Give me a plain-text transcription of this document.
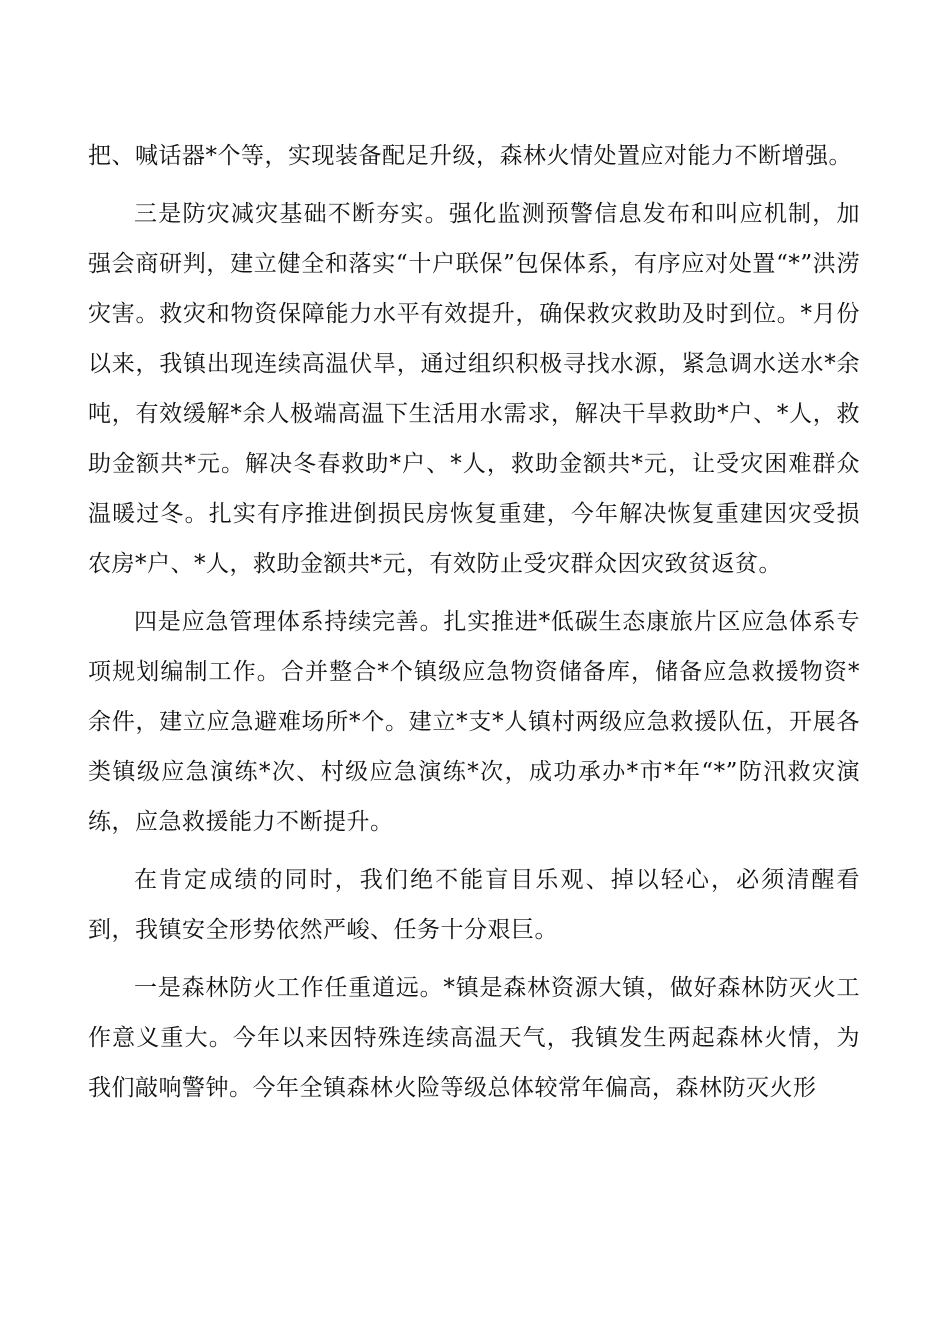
把、喊话器*个等，实现装备配足升级，森林火情处置应对能力不断增强。

三是防灾减灾基础不断夯实。强化监测预警信息发布和叫应机制，加强会商研判，建立健全和落实“十户联保”包保体系，有序应对处置“*”洪涝灾害。救灾和物资保障能力水平有效提升，确保救灾救助及时到位。*月份以来，我镇出现连续高温伏旱，通过组织积极寻找水源，紧急调水送水*余吨，有效缓解*余人极端高温下生活用水需求，解决干旱救助*户、*人，救助金额共*元。解决冬春救助*户、*人，救助金额共*元，让受灾困难群众温暖过冬。扎实有序推进倒损民房恢复重建，今年解决恢复重建因灾受损农房*户、*人，救助金额共*元，有效防止受灾群众因灾致贫返贫。

四是应急管理体系持续完善。扎实推进*低碳生态康旅片区应急体系专项规划编制工作。合并整合*个镇级应急物资储备库，储备应急救援物资*余件，建立应急避难场所*个。建立*支*人镇村两级应急救援队伍，开展各类镇级应急演练*次、村级应急演练*次，成功承办*市*年“*”防汛救灾演练，应急救援能力不断提升。

在肯定成绩的同时，我们绝不能盲目乐观、掉以轻心，必须清醒看到，我镇安全形势依然严峻、任务十分艰巨。

一是森林防火工作任重道远。*镇是森林资源大镇，做好森林防灭火工作意义重大。今年以来因特殊连续高温天气，我镇发生两起森林火情，为我们敲响警钟。今年全镇森林火险等级总体较常年偏高，森林防灭火形
